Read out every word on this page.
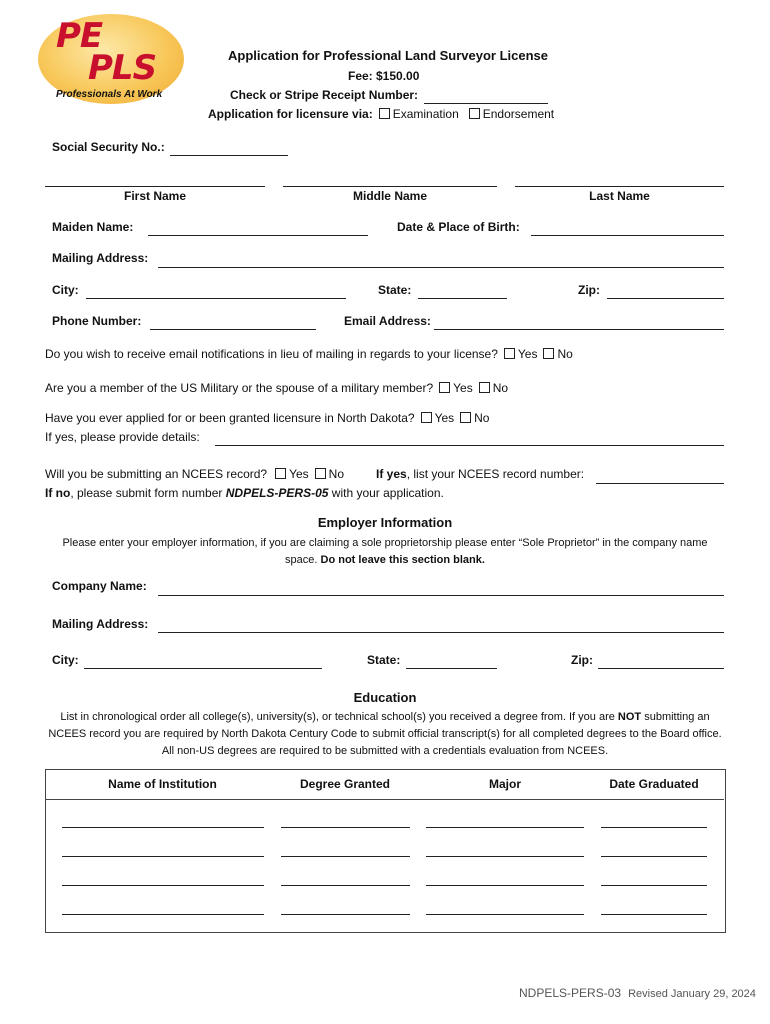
PE
PLS
Professionals At Work
Application for Professional Land Surveyor License
Fee: $150.00
Check or Stripe Receipt Number:
Application for licensure via: Examination Endorsement
Social Security No.:
First Name	Middle Name	Last Name
Maiden Name:	Date & Place of Birth:
Mailing Address:
City:	State:	Zip:
Phone Number:	Email Address:
Do you wish to receive email notifications in lieu of mailing in regards to your license? Yes No
Are you a member of the US Military or the spouse of a military member? Yes No
Have you ever applied for or been granted licensure in North Dakota? Yes No
If yes, please provide details:
Will you be submitting an NCEES record? Yes No	If yes, list your NCEES record number:
If no, please submit form number NDPELS-PERS-05 with your application.
Employer Information
Please enter your employer information, if you are claiming a sole proprietorship please enter “Sole Proprietor” in the company name space. Do not leave this section blank.
Company Name:
Mailing Address:
City:	State:	Zip:
Education
List in chronological order all college(s), university(s), or technical school(s) you received a degree from. If you are NOT submitting an NCEES record you are required by North Dakota Century Code to submit official transcript(s) for all completed degrees to the Board office. All non-US degrees are required to be submitted with a credentials evaluation from NCEES.
Name of Institution	Degree Granted	Major	Date Graduated
NDPELS-PERS-03 Revised January 29, 2024
